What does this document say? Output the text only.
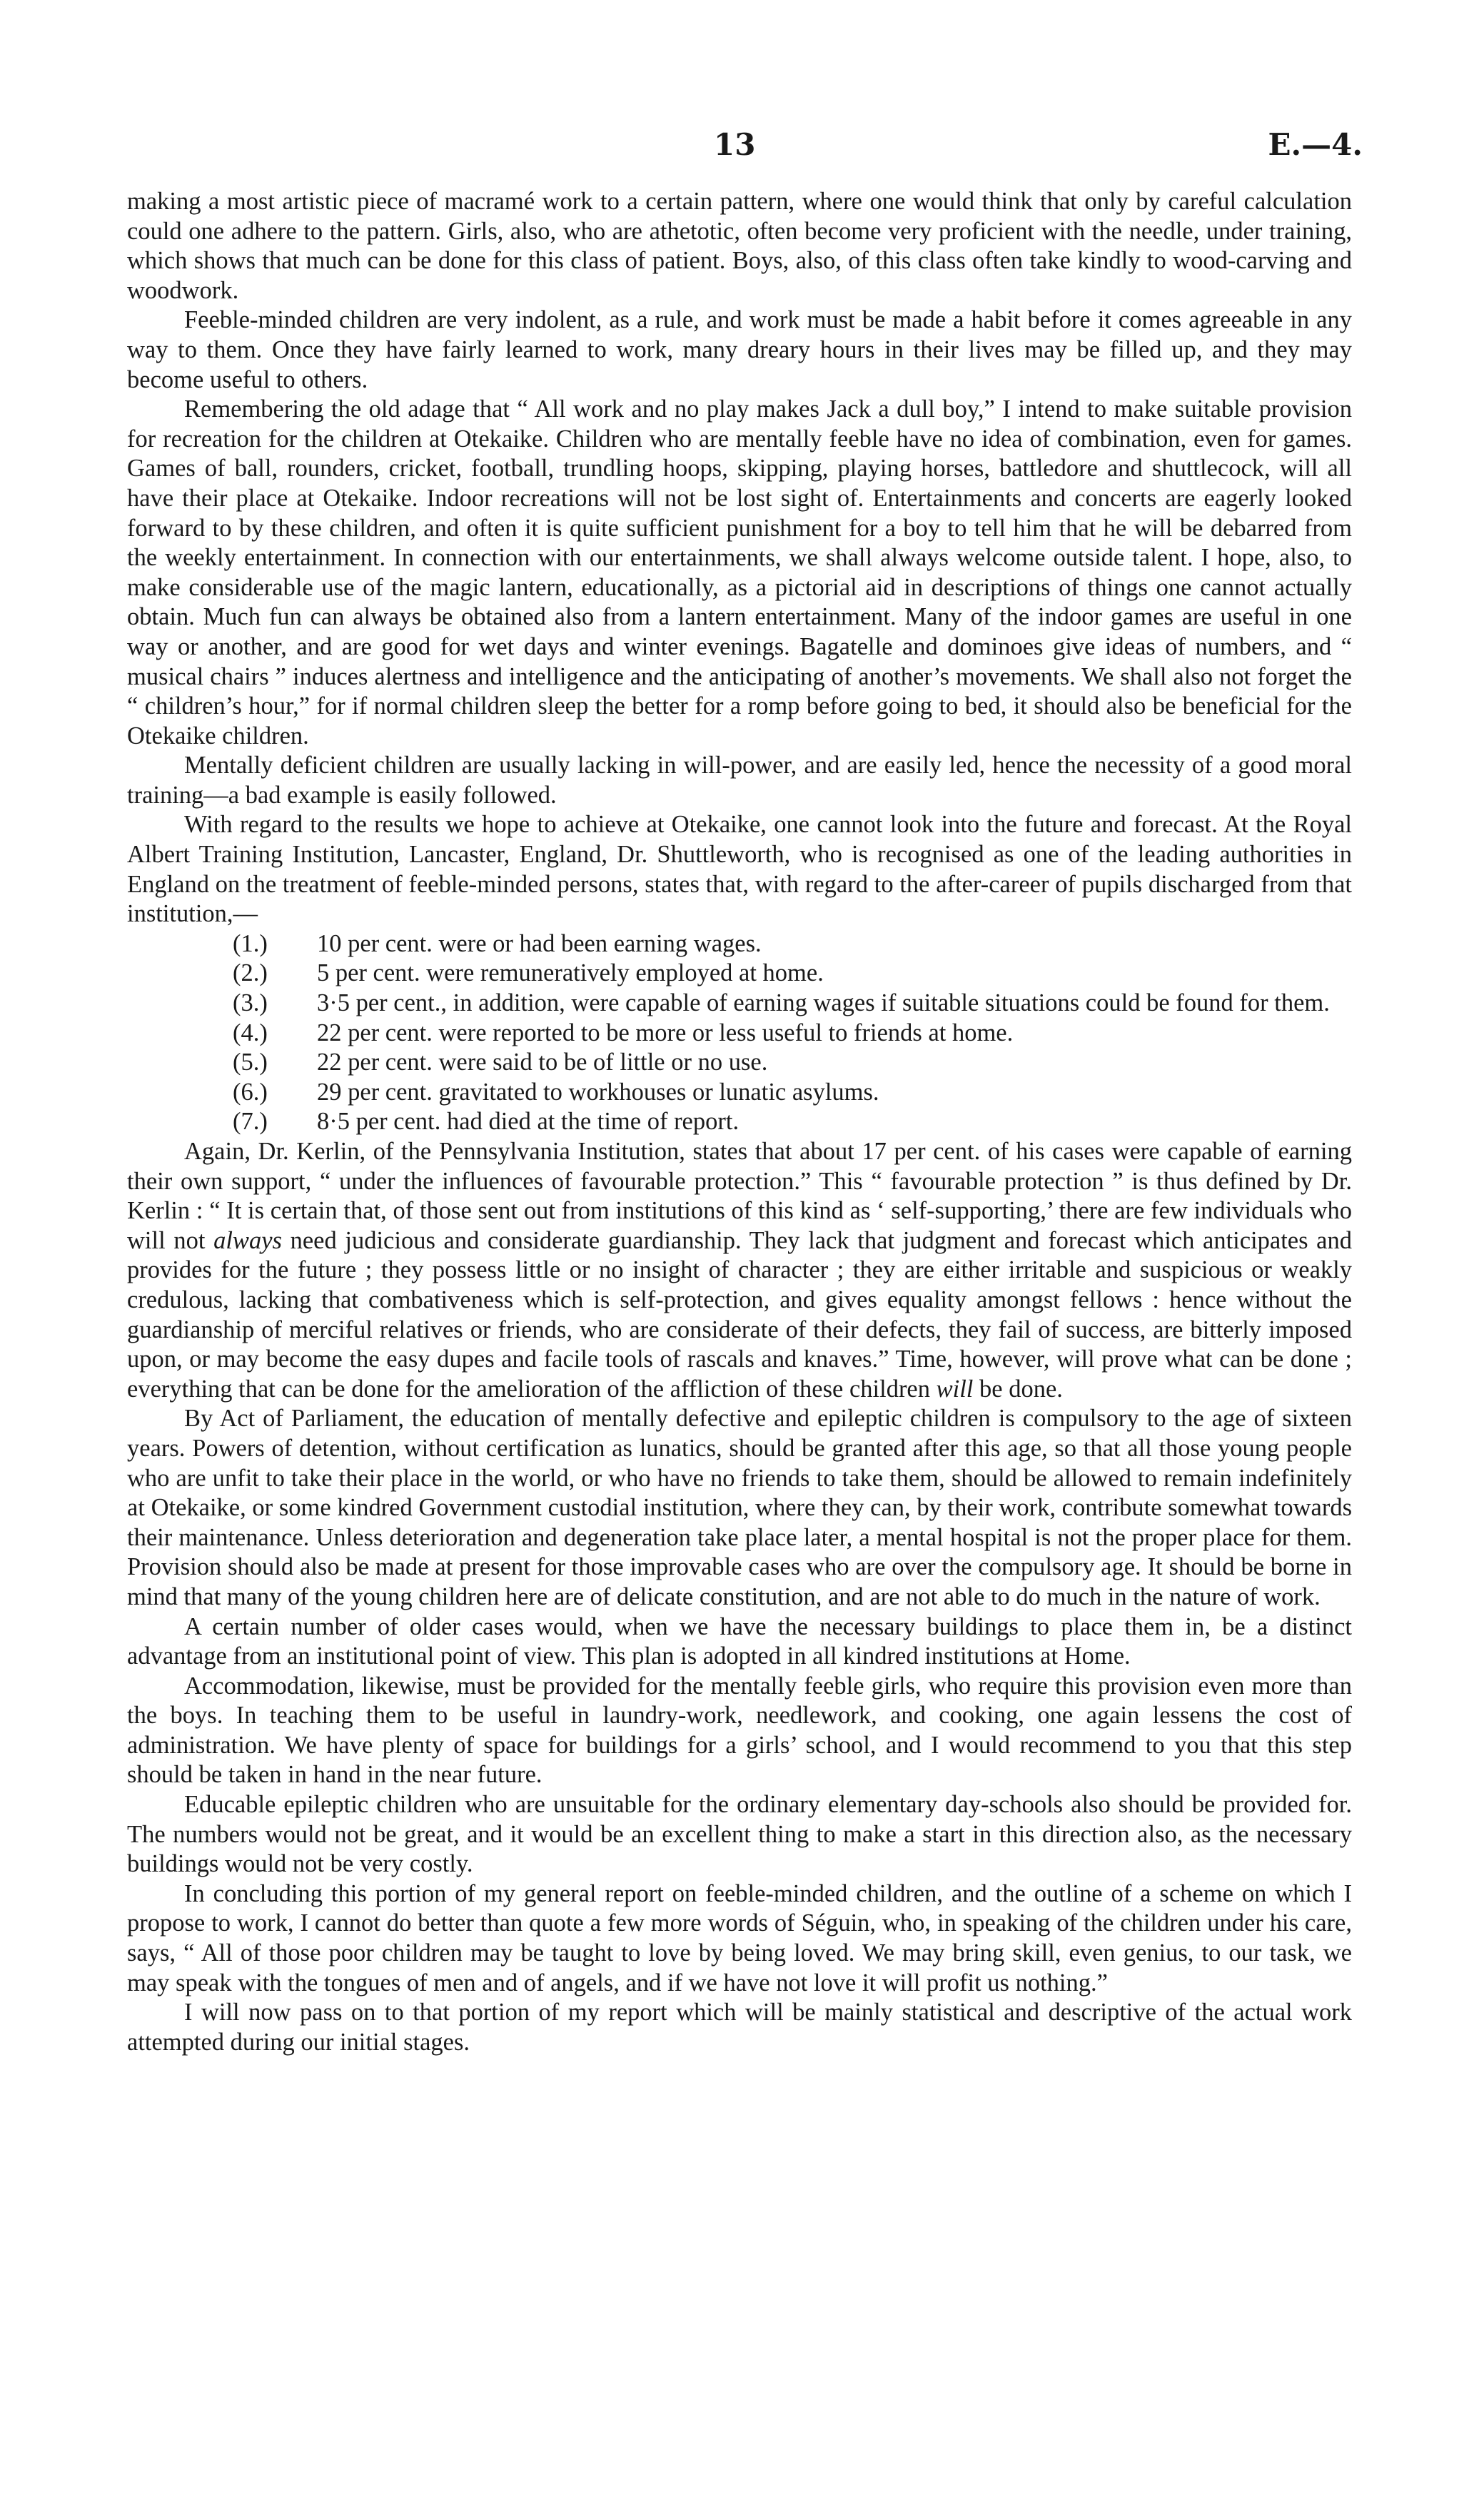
13	E.—4.

making a most artistic piece of macramé work to a certain pattern, where one would think that only by careful calculation could one adhere to the pattern. Girls, also, who are athetotic, often become very proficient with the needle, under training, which shows that much can be done for this class of patient. Boys, also, of this class often take kindly to wood-carving and woodwork.

Feeble-minded children are very indolent, as a rule, and work must be made a habit before it comes agreeable in any way to them. Once they have fairly learned to work, many dreary hours in their lives may be filled up, and they may become useful to others.

Remembering the old adage that “ All work and no play makes Jack a dull boy,” I intend to make suitable provision for recreation for the children at Otekaike. Children who are mentally feeble have no idea of combination, even for games. Games of ball, rounders, cricket, football, trundling hoops, skipping, playing horses, battledore and shuttlecock, will all have their place at Otekaike. Indoor recreations will not be lost sight of. Entertainments and concerts are eagerly looked forward to by these children, and often it is quite sufficient punishment for a boy to tell him that he will be debarred from the weekly entertainment. In connection with our entertainments, we shall always welcome outside talent. I hope, also, to make considerable use of the magic lantern, educationally, as a pictorial aid in descriptions of things one cannot actually obtain. Much fun can always be obtained also from a lantern entertainment. Many of the indoor games are useful in one way or another, and are good for wet days and winter evenings. Bagatelle and dominoes give ideas of numbers, and “ musical chairs ” induces alertness and intelligence and the anticipating of another’s movements. We shall also not forget the “ children’s hour,” for if normal children sleep the better for a romp before going to bed, it should also be beneficial for the Otekaike children.

Mentally deficient children are usually lacking in will-power, and are easily led, hence the necessity of a good moral training—a bad example is easily followed.

With regard to the results we hope to achieve at Otekaike, one cannot look into the future and forecast. At the Royal Albert Training Institution, Lancaster, England, Dr. Shuttleworth, who is recognised as one of the leading authorities in England on the treatment of feeble-minded persons, states that, with regard to the after-career of pupils discharged from that institution,—

(1.)	10 per cent. were or had been earning wages.
(2.)	5 per cent. were remuneratively employed at home.
(3.)	3·5 per cent., in addition, were capable of earning wages if suitable situations could be found for them.
(4.)	22 per cent. were reported to be more or less useful to friends at home.
(5.)	22 per cent. were said to be of little or no use.
(6.)	29 per cent. gravitated to workhouses or lunatic asylums.
(7.)	8·5 per cent. had died at the time of report.

Again, Dr. Kerlin, of the Pennsylvania Institution, states that about 17 per cent. of his cases were capable of earning their own support, “ under the influences of favourable protection.” This “ favourable protection ” is thus defined by Dr. Kerlin : “ It is certain that, of those sent out from institutions of this kind as ‘ self-supporting,’ there are few individuals who will not always need judicious and considerate guardianship. They lack that judgment and forecast which anticipates and provides for the future ; they possess little or no insight of character ; they are either irritable and suspicious or weakly credulous, lacking that combativeness which is self-protection, and gives equality amongst fellows : hence without the guardianship of merciful relatives or friends, who are considerate of their defects, they fail of success, are bitterly imposed upon, or may become the easy dupes and facile tools of rascals and knaves.” Time, however, will prove what can be done ; everything that can be done for the amelioration of the affliction of these children will be done.

By Act of Parliament, the education of mentally defective and epileptic children is compulsory to the age of sixteen years. Powers of detention, without certification as lunatics, should be granted after this age, so that all those young people who are unfit to take their place in the world, or who have no friends to take them, should be allowed to remain indefinitely at Otekaike, or some kindred Government custodial institution, where they can, by their work, contribute somewhat towards their maintenance. Unless deterioration and degeneration take place later, a mental hospital is not the proper place for them. Provision should also be made at present for those improvable cases who are over the compulsory age. It should be borne in mind that many of the young children here are of delicate constitution, and are not able to do much in the nature of work.

A certain number of older cases would, when we have the necessary buildings to place them in, be a distinct advantage from an institutional point of view. This plan is adopted in all kindred institutions at Home.

Accommodation, likewise, must be provided for the mentally feeble girls, who require this provision even more than the boys. In teaching them to be useful in laundry-work, needlework, and cooking, one again lessens the cost of administration. We have plenty of space for buildings for a girls’ school, and I would recommend to you that this step should be taken in hand in the near future.

Educable epileptic children who are unsuitable for the ordinary elementary day-schools also should be provided for. The numbers would not be great, and it would be an excellent thing to make a start in this direction also, as the necessary buildings would not be very costly.

In concluding this portion of my general report on feeble-minded children, and the outline of a scheme on which I propose to work, I cannot do better than quote a few more words of Séguin, who, in speaking of the children under his care, says, “ All of those poor children may be taught to love by being loved. We may bring skill, even genius, to our task, we may speak with the tongues of men and of angels, and if we have not love it will profit us nothing.”

I will now pass on to that portion of my report which will be mainly statistical and descriptive of the actual work attempted during our initial stages.
